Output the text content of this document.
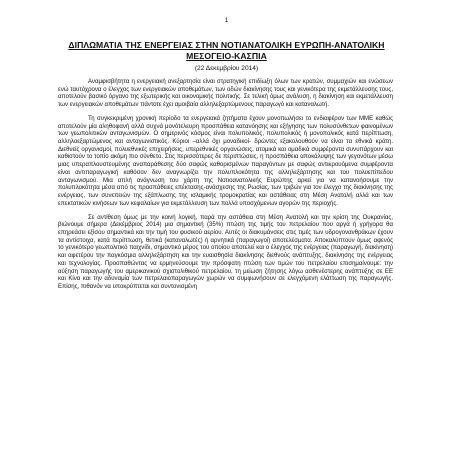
1
ΔΙΠΛΩΜΑΤΙΑ ΤΗΣ ΕΝΕΡΓΕΙΑΣ ΣΤΗΝ ΝΟΤΙΑΝΑΤΟΛΙΚΗ ΕΥΡΩΠΗ-ΑΝΑΤΟΛΙΚΗ ΜΕΣΟΓΕΙΟ-ΚΑΣΠΙΑ
(22 Δεκεμβρίου 2014)

Αναμφισβήτητα η ενεργειακή ανεξαρτησία είναι στρατηγική επιδίωξη όλων των κρατών, συμμαχιών και ενώσεων ενώ ταυτόχρονα ο έλεγχος των ενεργειακών αποθεμάτων, των οδών διακίνησης τους και γενικότερα της εκμετάλλευσης τους, αποτελούν βασικό όργανο της εξωτερικής και οικονομικής πολιτικής. Σε τελική όμως ανάλυση, η διακίνηση και εκμετάλλευση των ενεργειακών αποθεμάτων πάντοτε έχει αμοιβαία αλληλεξαρτώμενους παραγωγό και καταναλωτή.

Τη συγκεκριμένη χρονική περίοδο τα ενεργειακά ζητήματα έχουν μονοπωλήσει το ενδιαφέρον των ΜΜΕ καθώς αποτελούν μία αληθοφανή αλλά συχνά μονότελευρη προσπάθεια κατανόησης και εξήγησης των πολυσύνθετων φαινομένων των γεωπολιτικών ανταγωνισμών. Ο σημερινός κόσμος είναι πολυπολικός, πολυπολικός ή μονοπολικός κατά περίπτωση, αλληλοεξαρτώμενος και ανταγωνιστικός. Κύριοι –αλλά όχι μοναδικοί- δρώντες εξακολουθούν να είναι τα εθνικά κράτη. Διεθνείς οργανισμοί, πολυεθνικές επιχειρήσεις, υπερεθνικές οργανώσεις, ατομικά και ομαδικά συμφέροντα συνυπάρχουν και καθιστούν το τοπίο ακόμη πιο σύνθετο. Στις περισσότερες δε περιπτώσεις, η προσπάθεια αποκάλυψης των γεγονότων μέσω μιας υπεραπλουστευμένης αναπαράθεσης δύο σαφώς καθορισμένων παραγόντων με σαφώς αντικρουόμενα συμφέροντα είναι αντιπαραγωγική καθόσον δεν αναγνωρίζει την πολυπλοκότητα της αλληλεξάρτησης και του πολυεπίπεδου ανταγωνισμού. Μια απλή ανάγνωση του χάρτη της Νοτιοανατολικής Ευρώπης αρκεί για να κατανοήσουμε την πολυπλοκότητα μέσα από τις προσπάθειες επέκτασης-ανάσχεσης της Ρωσίας, των τριβών για τον έλεγχο της διακίνησης της ενέργειας, των συνεπειών της εξάπλωσης της ισλαμικής τρομοκρατίας και αστάθειας στη Μέση Ανατολή αλλά και των επεκτατικών κινήσεων των κεφαλαίων για εκμετάλλευση των πολλά υποσχόμενων αγορών της περιοχής.

Σε αντίθεση όμως με την κοινή λογική, παρά την αστάθεια στη Μέση Ανατολή και την κρίση της Ουκρανίας, βιώνουμε σήμερα (Δεκέμβριος 2014) μια σημαντική (35%) πτώση της τιμής του πετρελαίου που αργά ή γρήγορα θα επηρεάσει εξίσου σημαντικά και την τιμή του φυσικού αερίου. Αυτές οι διακυμάνσεις στις τιμές των υδρογονανθράκων έχουν τα αντίστοιχα, κατά περίπτωση, θετικά (καταναλωτές) ή αρνητικά (παραγωγοί) αποτελέσματα. Αποκαλύπτουν όμως αφενός το γενικότερο γεωπολιτικό παιχνίδι, σημαντικό μέρος του οποίου αποτελεί και ο έλεγχος της ενέργειας (παραγωγή, διακίνηση) και αφετέρου την παγκόσμια αλληλεξάρτηση και την ευαισθησία διακίνησης διεθνούς ανάπτυξης, διακίνησης της ενέργειας και τεχνολογίας. Προσπαθώντας να ερμηνεύσουμε την πρόσφατη πτώση των τιμών του πετρελαίου επισημαίνουμε: την αύξηση παραγωγής του αμερικανικού σχιστολιθικού πετρελαίου, τη μείωση ζήτησης λόγω ασθενέστερης ανάπτυξης σε ΕΕ και Κίνα και την αδυναμία των πετρελαιοπαραγωγών χωρών να συμφωνήσουν σε ελεγχόμενη ελάττωση της παραγωγής. Επίσης, πιθανόν να υποκρύπτεται και συντονισμένη
